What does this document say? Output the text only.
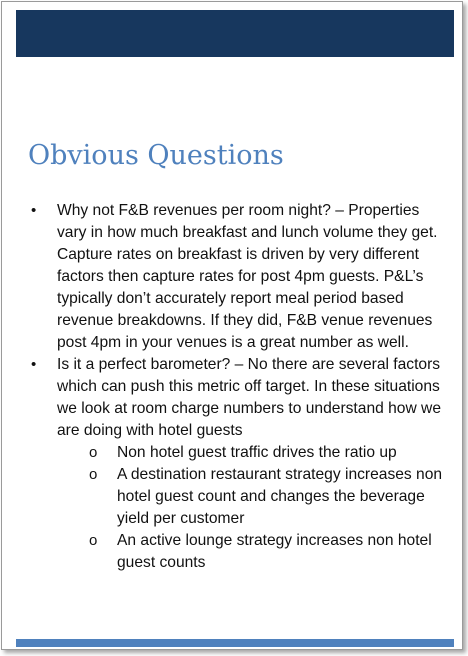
Obvious Questions
• Why not F&B revenues per room night? – Properties vary in how much breakfast and lunch volume they get. Capture rates on breakfast is driven by very different factors then capture rates for post 4pm guests. P&L’s typically don’t accurately report meal period based revenue breakdowns. If they did, F&B venue revenues post 4pm in your venues is a great number as well.
• Is it a perfect barometer? – No there are several factors which can push this metric off target. In these situations we look at room charge numbers to understand how we are doing with hotel guests
o Non hotel guest traffic drives the ratio up
o A destination restaurant strategy increases non hotel guest count and changes the beverage yield per customer
o An active lounge strategy increases non hotel guest counts
